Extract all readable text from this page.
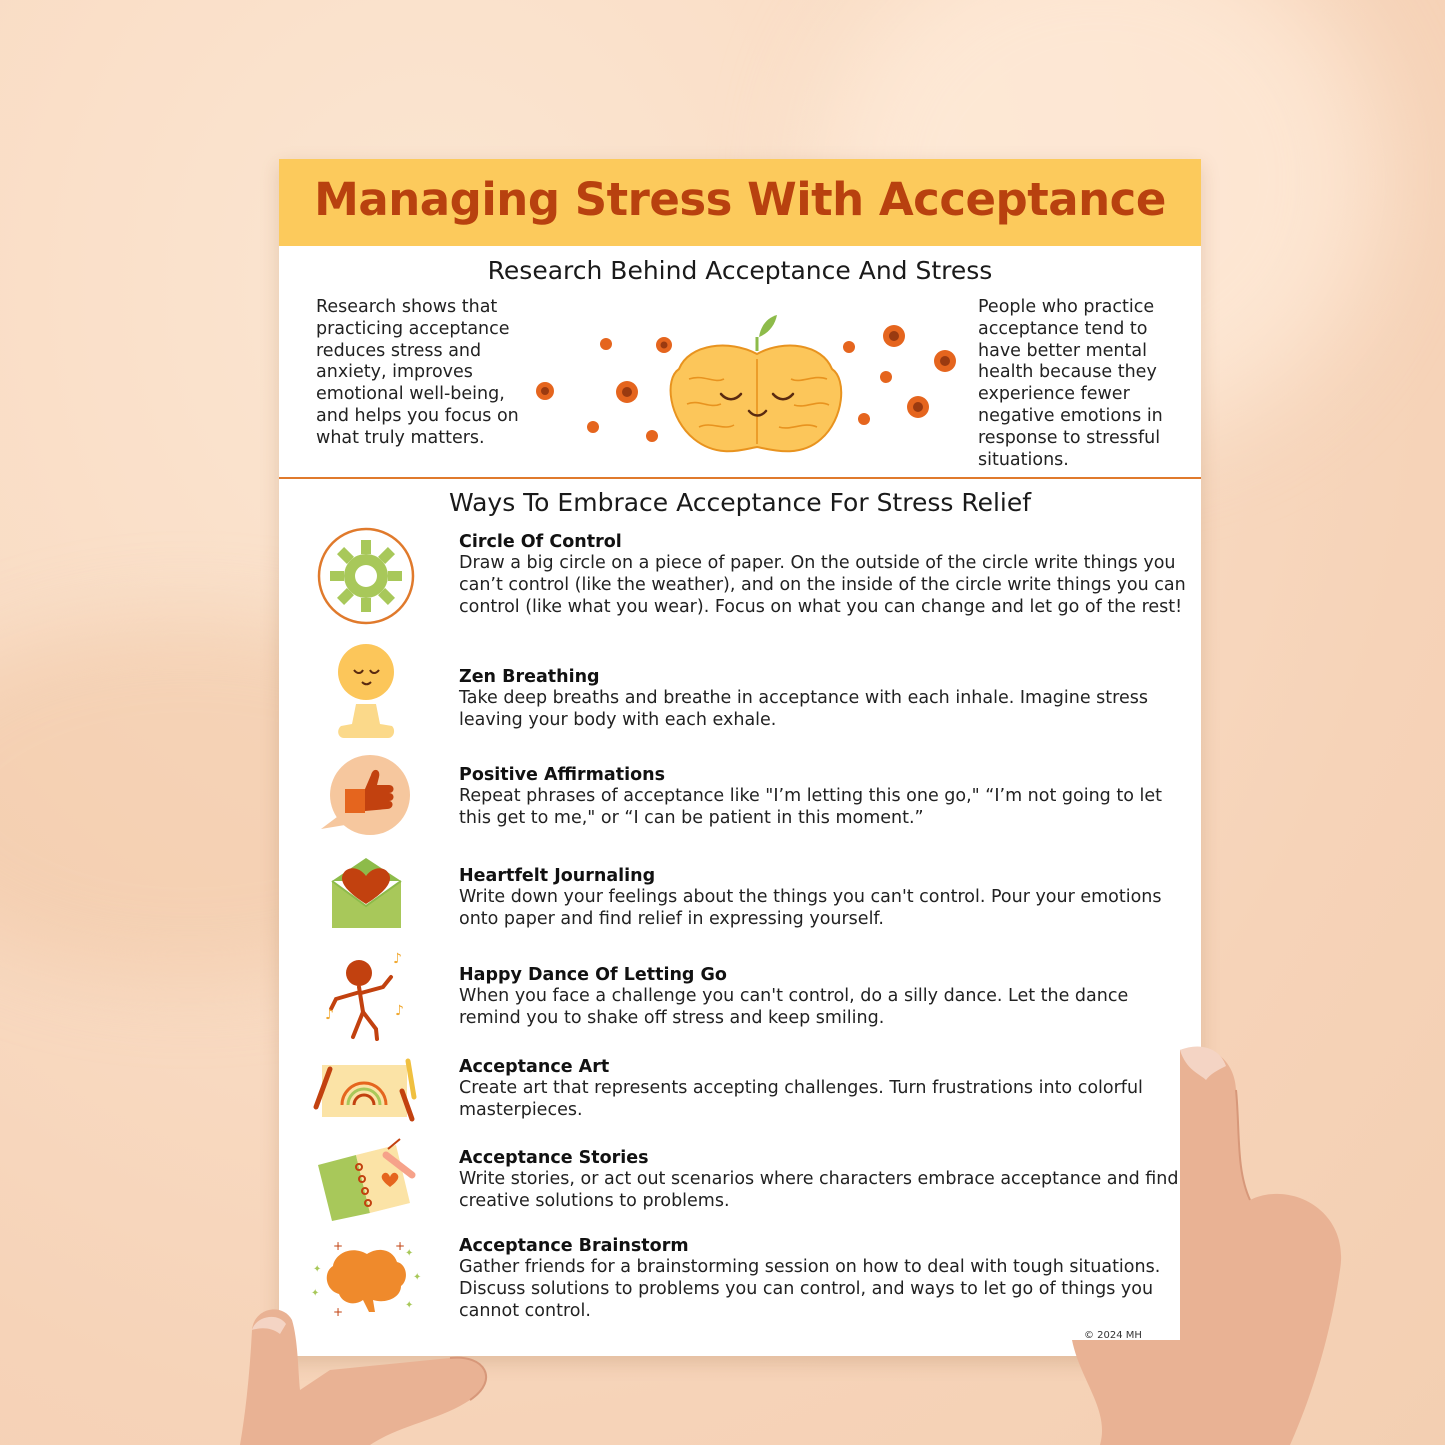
Managing Stress With Acceptance
Research Behind Acceptance And Stress
Research shows that practicing acceptance reduces stress and anxiety, improves emotional well-being, and helps you focus on what truly matters.
People who practice acceptance tend to have better mental health because they experience fewer negative emotions in response to stressful situations.
Ways To Embrace Acceptance For Stress Relief
Circle Of Control
Draw a big circle on a piece of paper. On the outside of the circle write things you can’t control (like the weather), and on the inside of the circle write things you can control (like what you wear). Focus on what you can change and let go of the rest!
Zen Breathing
Take deep breaths and breathe in acceptance with each inhale. Imagine stress leaving your body with each exhale.
Positive Affirmations
Repeat phrases of acceptance like "I’m letting this one go," “I’m not going to let this get to me," or “I can be patient in this moment.”
Heartfelt Journaling
Write down your feelings about the things you can't control. Pour your emotions onto paper and find relief in expressing yourself.
Happy Dance Of Letting Go
When you face a challenge you can't control, do a silly dance. Let the dance remind you to shake off stress and keep smiling.
♪
♪	♪
Acceptance Art
Create art that represents accepting challenges. Turn frustrations into colorful masterpieces.
Acceptance Stories
Write stories, or act out scenarios where characters embrace acceptance and find creative solutions to problems.
Acceptance Brainstorm
Gather friends for a brainstorming session on how to deal with tough situations. Discuss solutions to problems you can control, and ways to let go of things you cannot control.
+	+
+
✦
✦
✦
✦
✦
© 2024 MH
